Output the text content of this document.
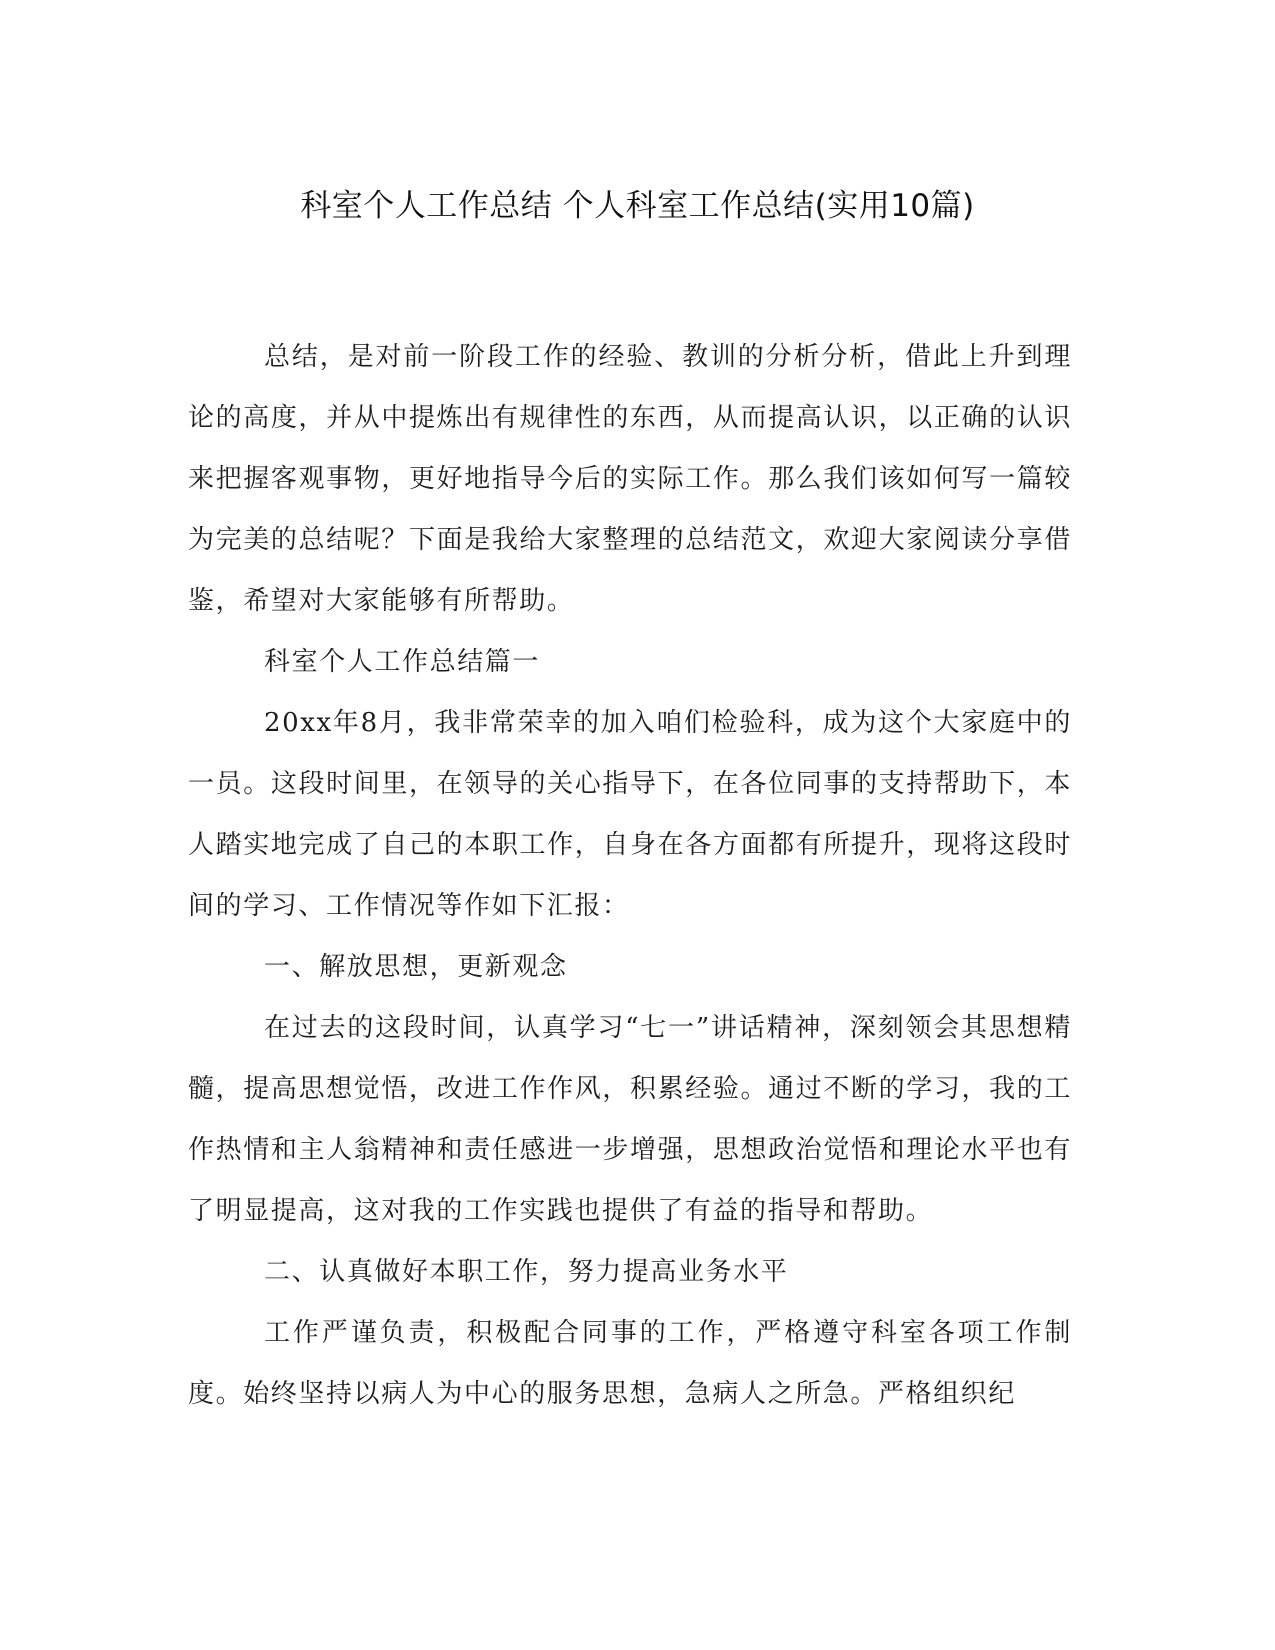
科室个人工作总结 个人科室工作总结(实用10篇)

总结，是对前一阶段工作的经验、教训的分析分析，借此上升到理论的高度，并从中提炼出有规律性的东西，从而提高认识，以正确的认识来把握客观事物，更好地指导今后的实际工作。那么我们该如何写一篇较为完美的总结呢？下面是我给大家整理的总结范文，欢迎大家阅读分享借鉴，希望对大家能够有所帮助。

科室个人工作总结篇一

20xx年8月，我非常荣幸的加入咱们检验科，成为这个大家庭中的一员。这段时间里，在领导的关心指导下，在各位同事的支持帮助下，本人踏实地完成了自己的本职工作，自身在各方面都有所提升，现将这段时间的学习、工作情况等作如下汇报：

一、解放思想，更新观念

在过去的这段时间，认真学习“七一”讲话精神，深刻领会其思想精髓，提高思想觉悟，改进工作作风，积累经验。通过不断的学习，我的工作热情和主人翁精神和责任感进一步增强，思想政治觉悟和理论水平也有了明显提高，这对我的工作实践也提供了有益的指导和帮助。

二、认真做好本职工作，努力提高业务水平

工作严谨负责，积极配合同事的工作，严格遵守科室各项工作制度。始终坚持以病人为中心的服务思想，急病人之所急。严格组织纪
